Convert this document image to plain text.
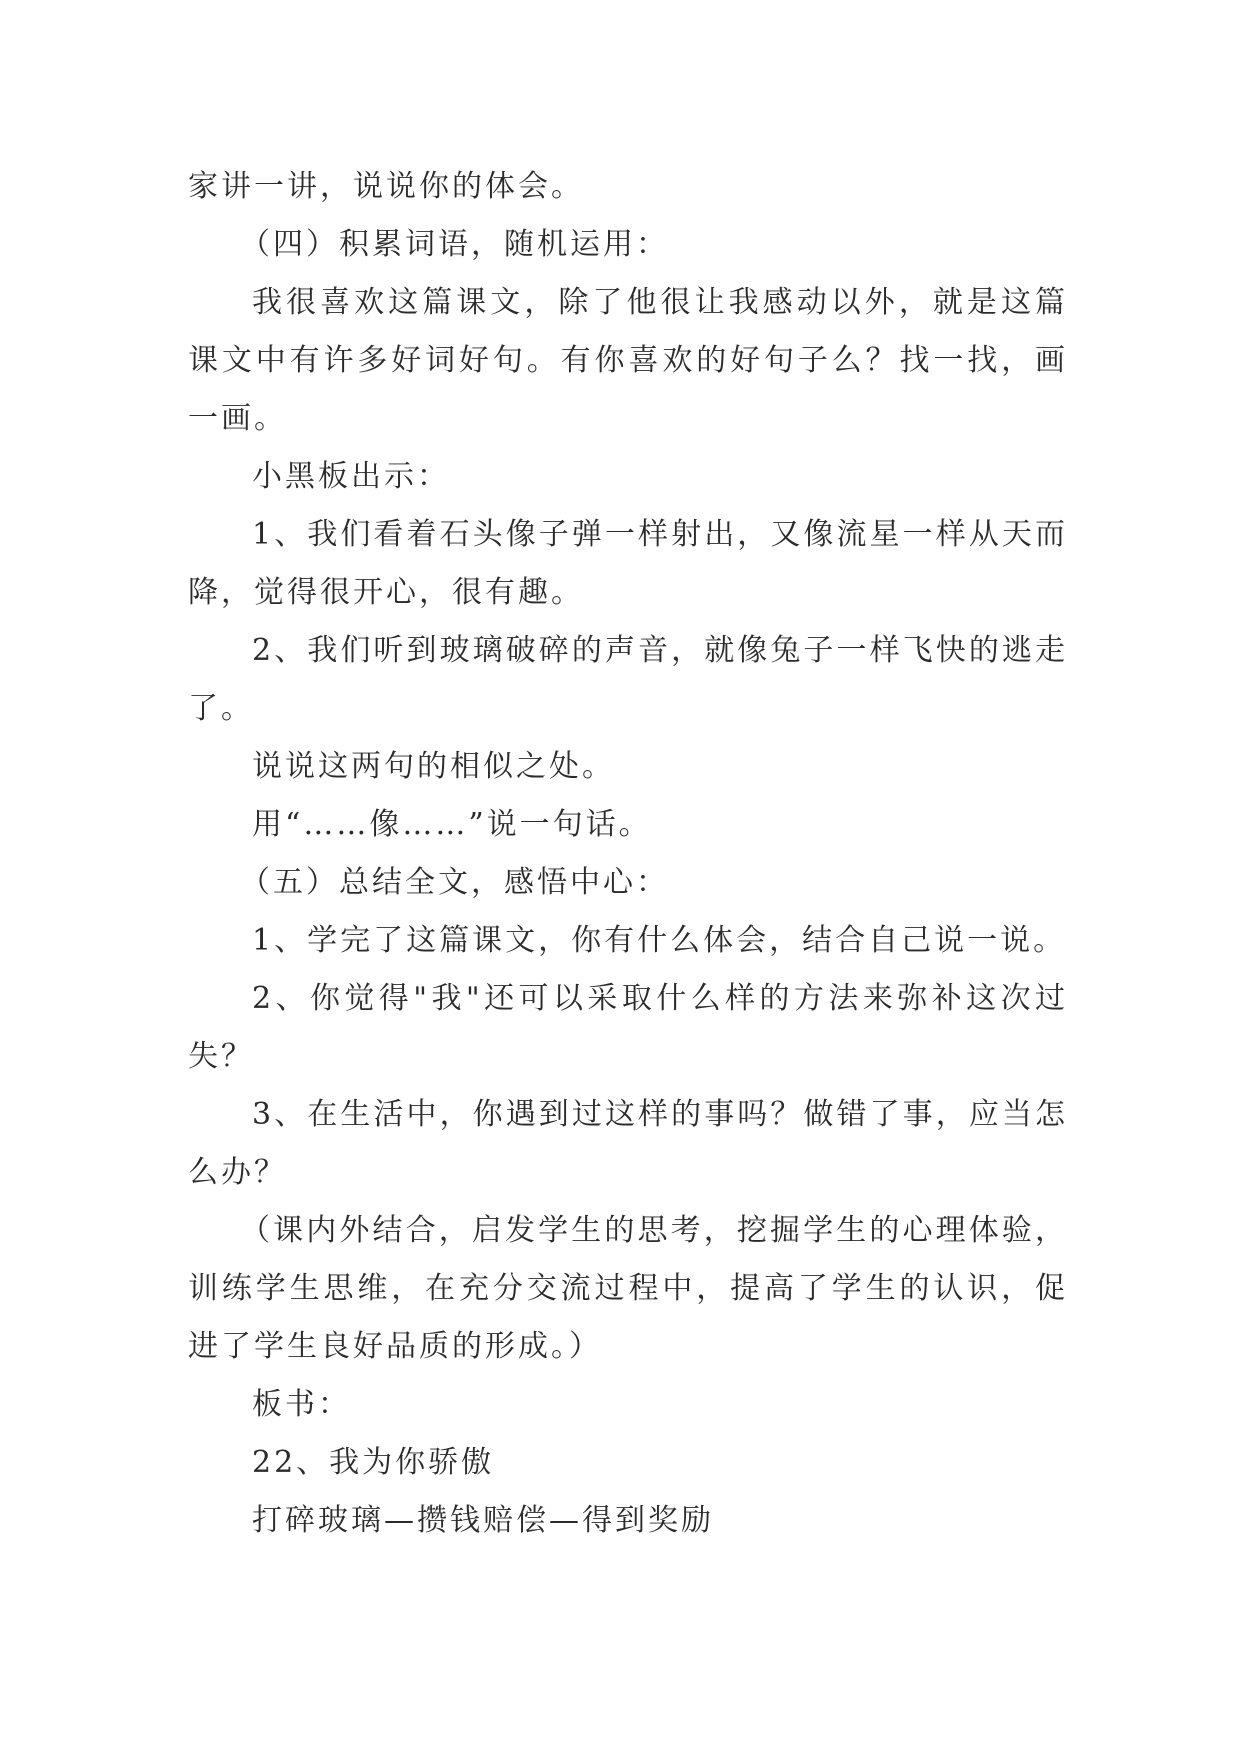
家讲一讲，说说你的体会。

（四）积累词语，随机运用：

我很喜欢这篇课文，除了他很让我感动以外，就是这篇课文中有许多好词好句。有你喜欢的好句子么？找一找，画一画。

小黑板出示：

1、我们看着石头像子弹一样射出，又像流星一样从天而降，觉得很开心，很有趣。

2、我们听到玻璃破碎的声音，就像兔子一样飞快的逃走了。

说说这两句的相似之处。

用“……像……”说一句话。

（五）总结全文，感悟中心：

1、学完了这篇课文，你有什么体会，结合自己说一说。

2、你觉得"我"还可以采取什么样的方法来弥补这次过失？

3、在生活中，你遇到过这样的事吗？做错了事，应当怎么办？

（课内外结合，启发学生的思考，挖掘学生的心理体验，训练学生思维，在充分交流过程中，提高了学生的认识，促进了学生良好品质的形成。）

板书：

22、我为你骄傲

打碎玻璃—攒钱赔偿—得到奖励
